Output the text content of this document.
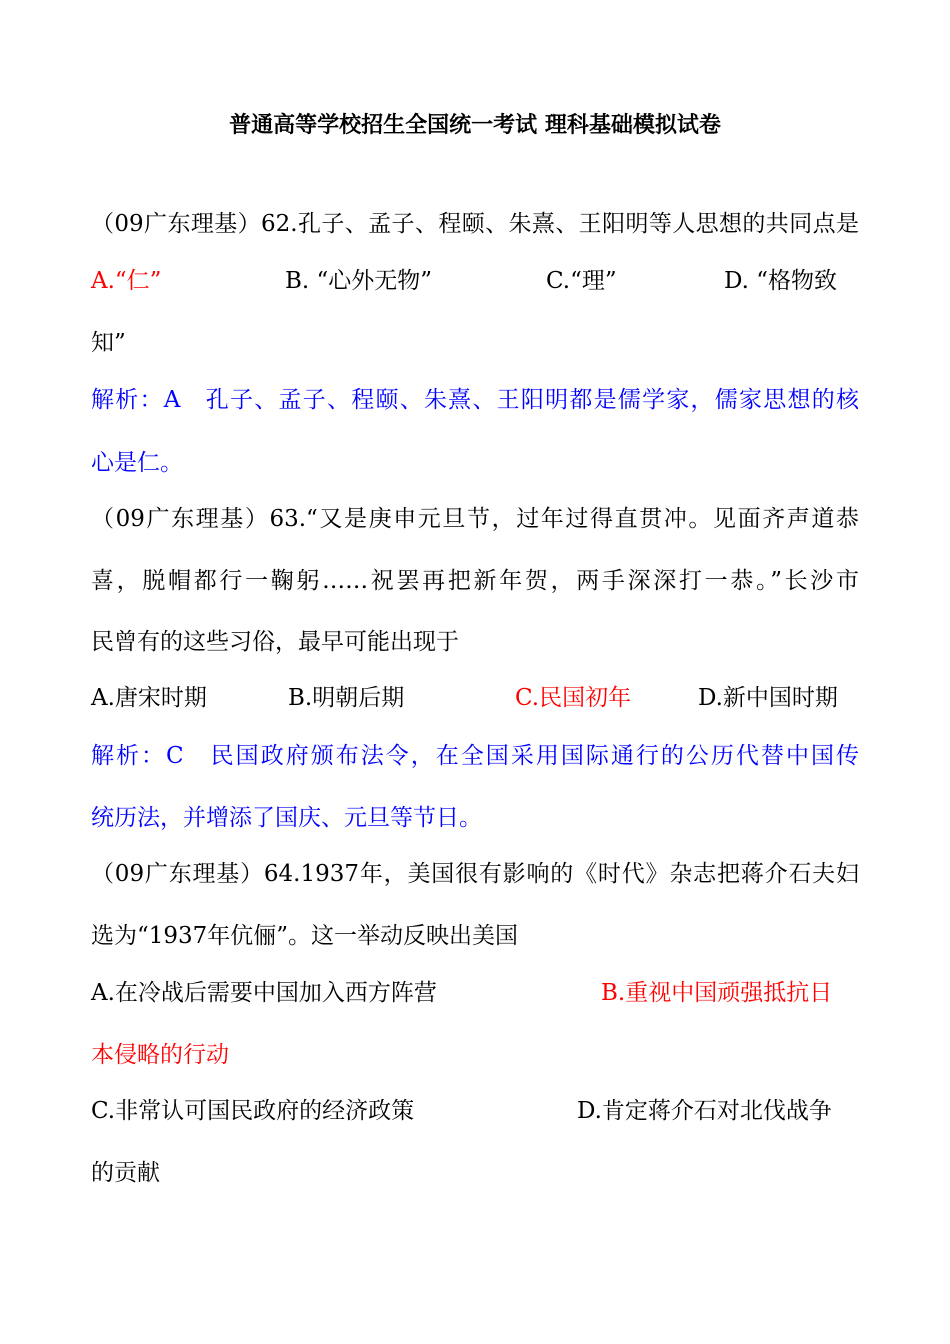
普通高等学校招生全国统一考试 理科基础模拟试卷
（09广东理基）62.孔子、孟子、程颐、朱熹、王阳明等人思想的共同点是
A.“仁”	B. “心外无物”	C.“理”	D. “格物致
知”
解析：A　孔子、孟子、程颐、朱熹、王阳明都是儒学家，儒家思想的核
心是仁。
（09广东理基）63.“又是庚申元旦节，过年过得直贯冲。见面齐声道恭
喜，脱帽都行一鞠躬……祝罢再把新年贺，两手深深打一恭。”长沙市
民曾有的这些习俗，最早可能出现于
A.唐宋时期	B.明朝后期	C.民国初年	D.新中国时期
解析：C　民国政府颁布法令，在全国采用国际通行的公历代替中国传
统历法，并增添了国庆、元旦等节日。
（09广东理基）64.1937年，美国很有影响的《时代》杂志把蒋介石夫妇
选为“1937年伉俪”。这一举动反映出美国
A.在冷战后需要中国加入西方阵营	B.重视中国顽强抵抗日
本侵略的行动
C.非常认可国民政府的经济政策	D.肯定蒋介石对北伐战争
的贡献
